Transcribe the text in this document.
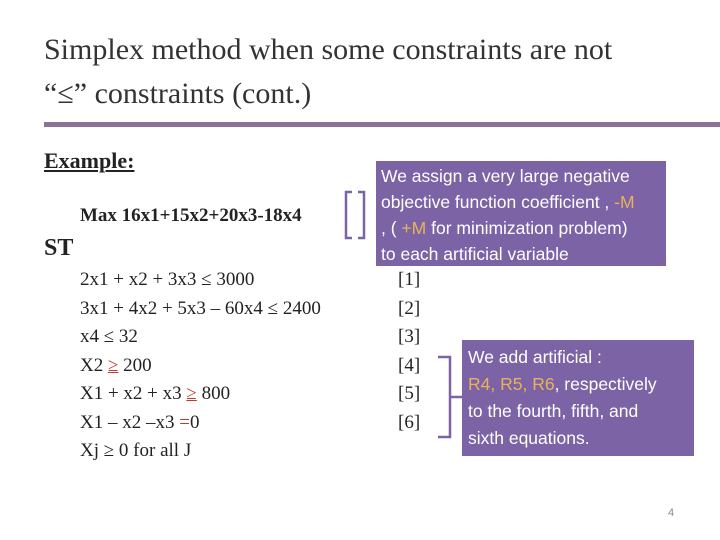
Simplex method when some constraints are not
“≤” constraints (cont.)
Example:
Max 16x1+15x2+20x3-18x4
ST
2x1 + x2 + 3x3 ≤ 3000
3x1 + 4x2 + 5x3 – 60x4 ≤ 2400
x4 ≤ 32
X2 ≥ 200
X1 + x2 + x3 ≥ 800
X1 – x2 –x3 =0
Xj ≥ 0 for all J
[1]
[2]
[3]
[4]
[5]
[6]
We assign a very large negative
objective function coefficient , -M
, ( +M for minimization problem)
to each artificial variable
We add artificial :
R4, R5, R6, respectively
to the fourth, fifth, and
sixth equations.
4
